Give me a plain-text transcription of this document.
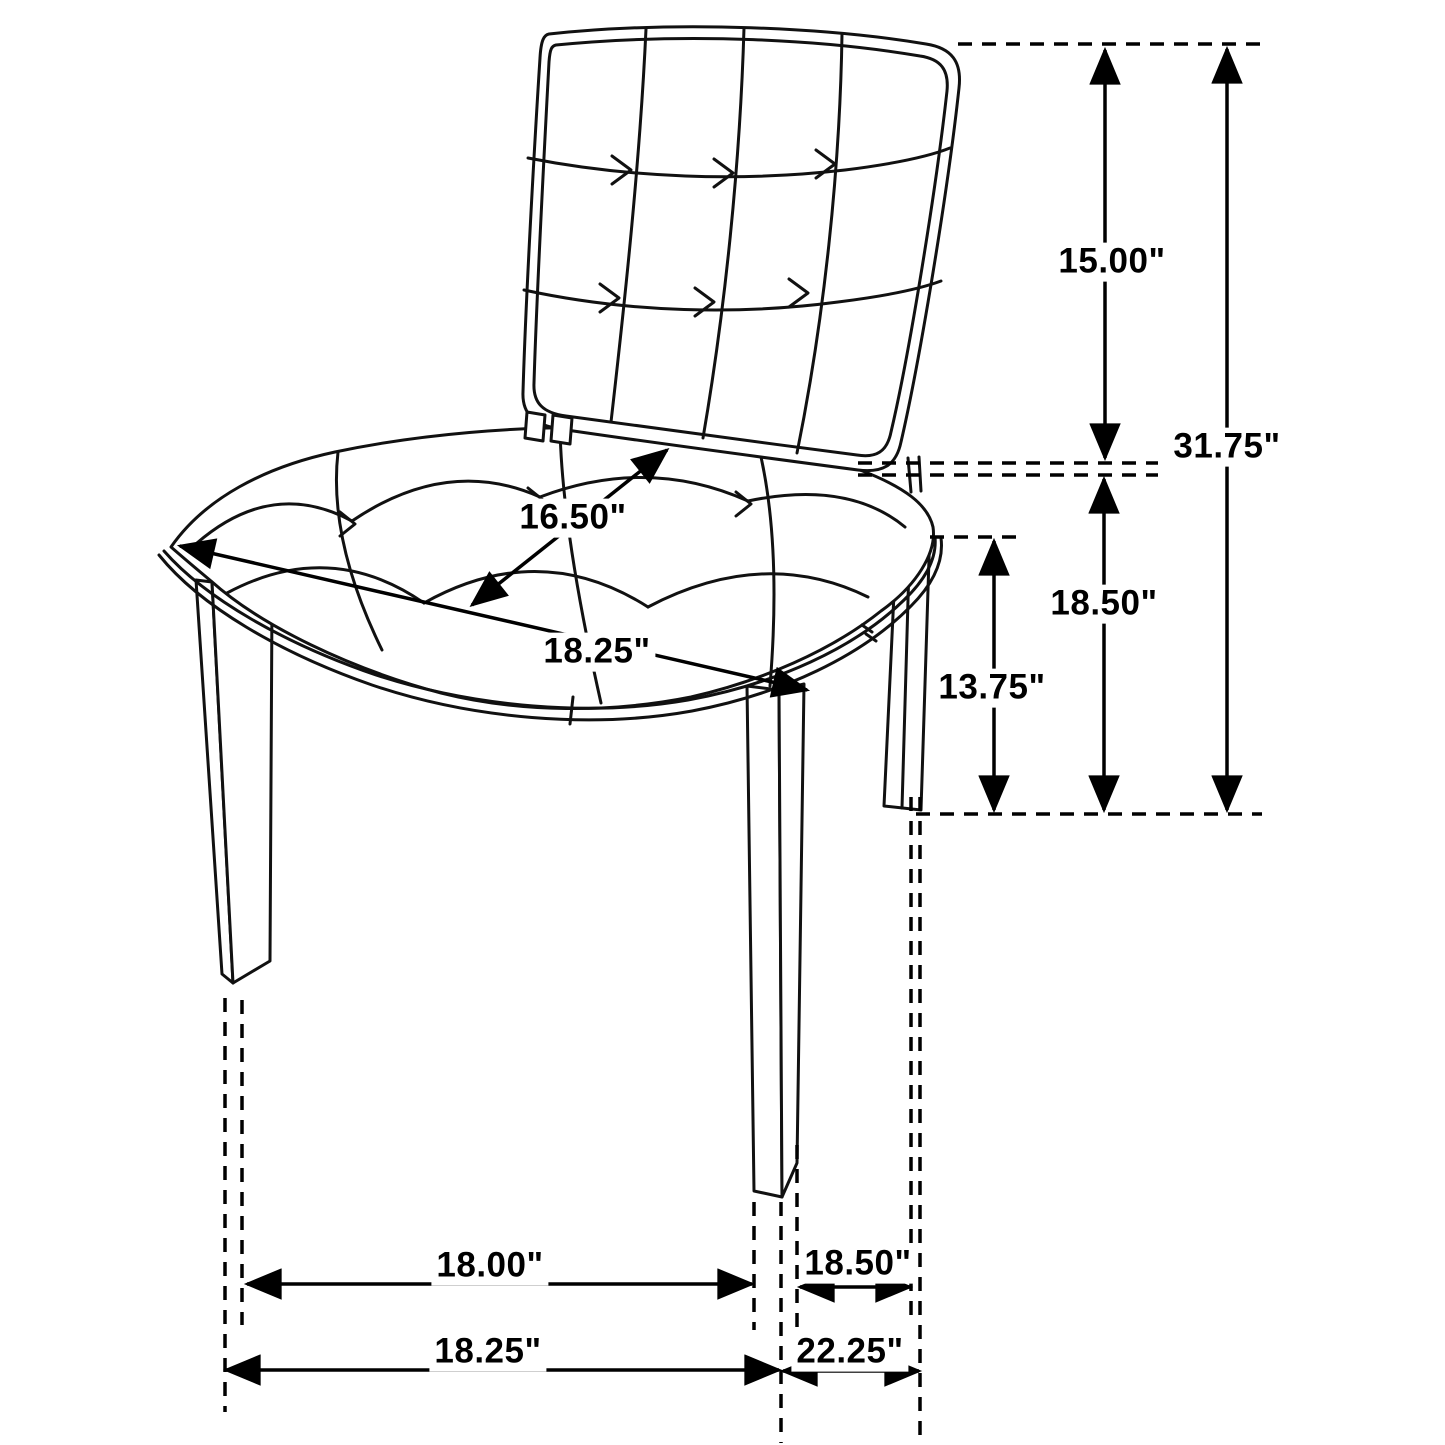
15.00"
31.75"
16.50"
18.50"
18.25"
13.75"
18.00"	18.50"
18.25"	22.25"
